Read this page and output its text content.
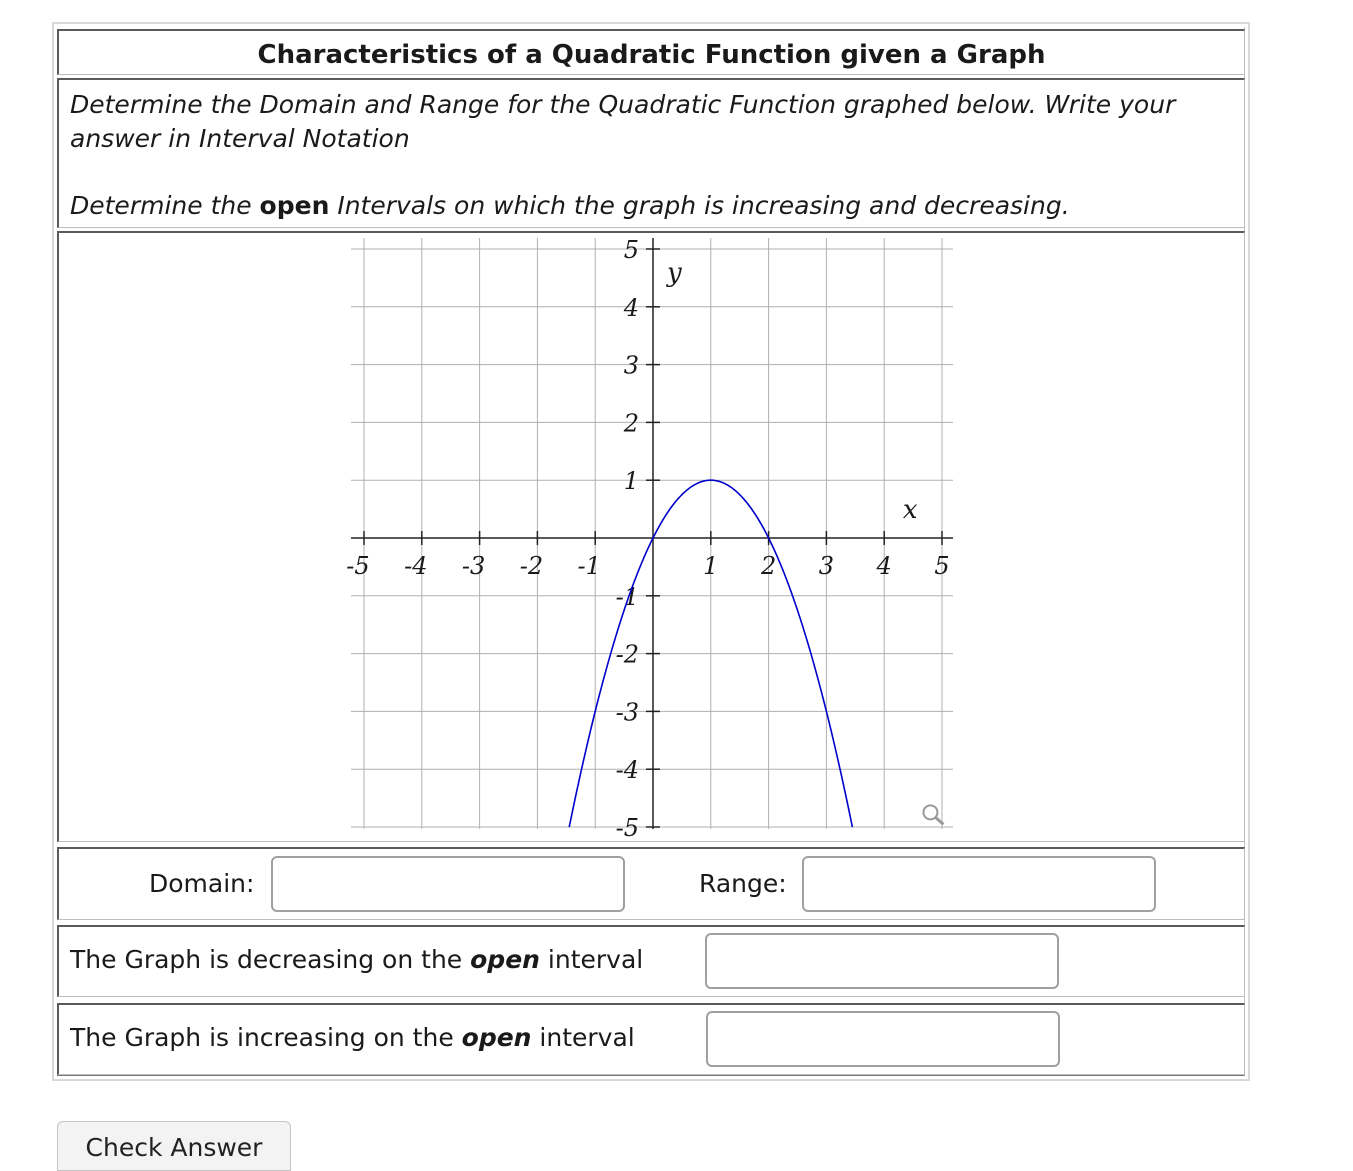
Characteristics of a Quadratic Function given a Graph
Determine the Domain and Range for the Quadratic Function graphed below. Write your answer in Interval Notation
Determine the open Intervals on which the graph is increasing and decreasing.
-5 -4 -3 -2 -1	1 2 3 4 5
5
4
3
2
1
-1
-2
-3
-4
-5
x
y
Domain:	Range:
The Graph is decreasing on the open interval
The Graph is increasing on the open interval
Check Answer
